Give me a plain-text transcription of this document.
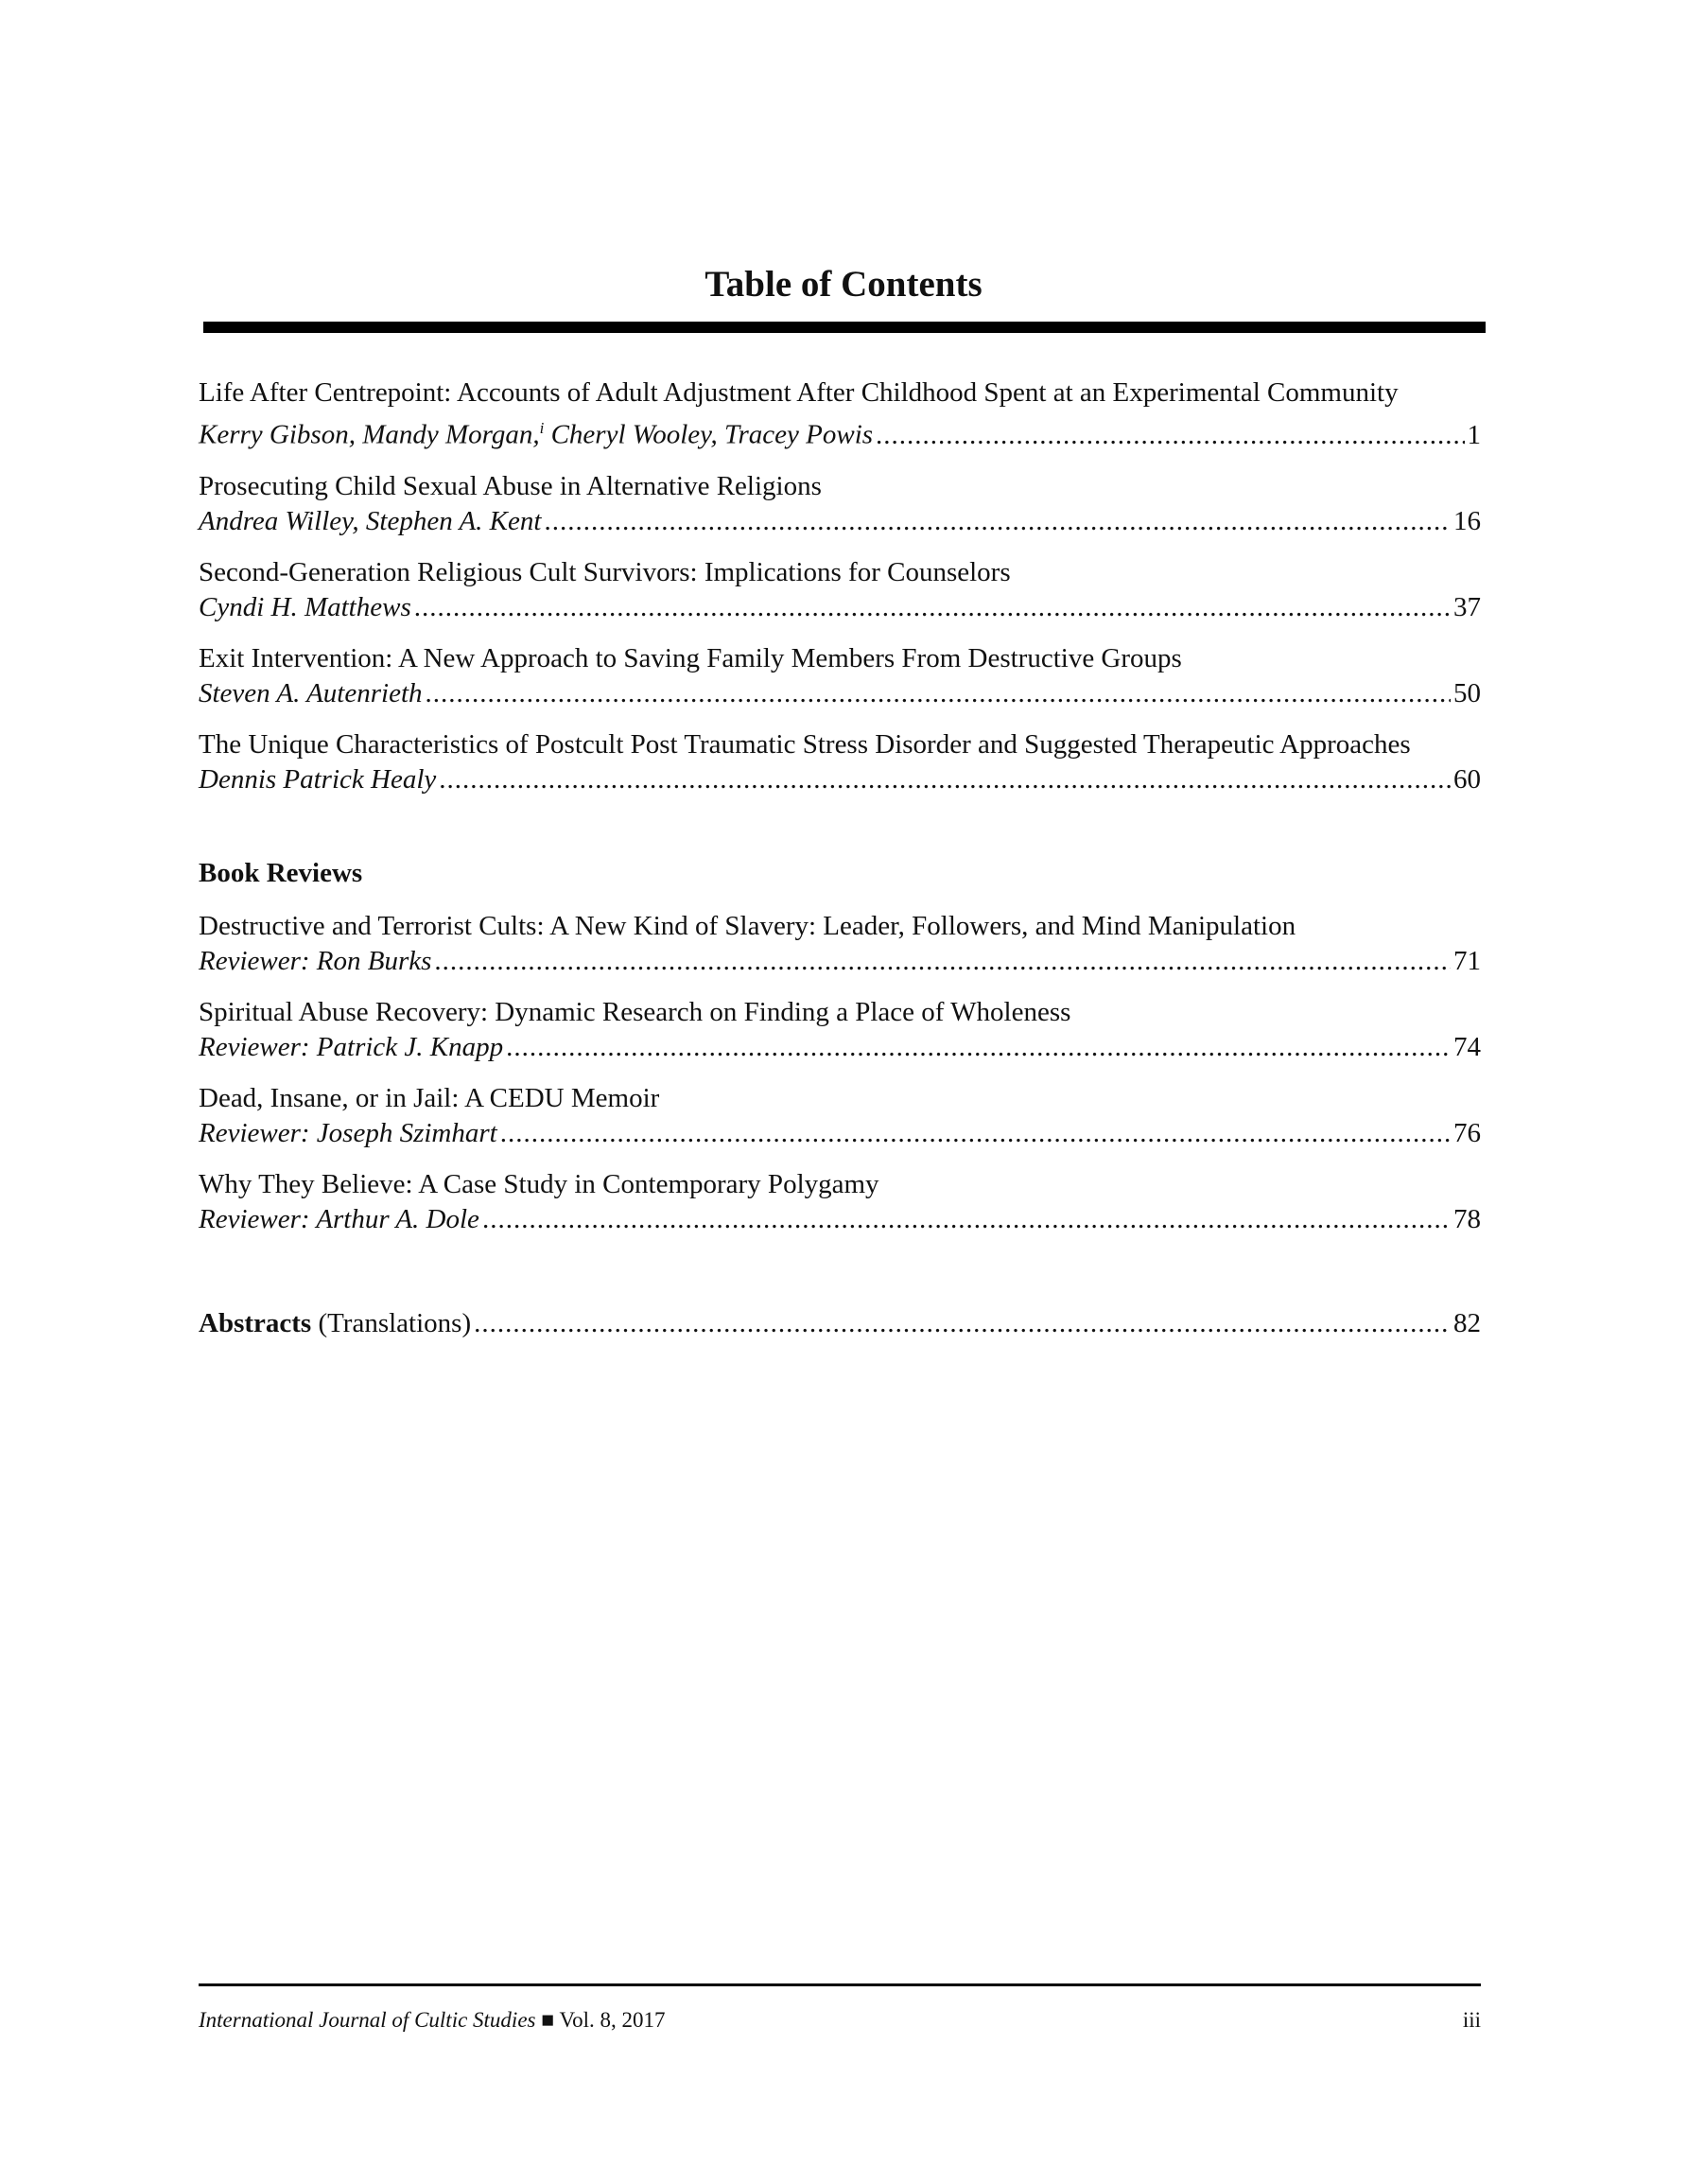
Table of Contents
Life After Centrepoint: Accounts of Adult Adjustment After Childhood Spent at an Experimental Community
Kerry Gibson, Mandy Morgan,$^i$ Cheryl Wooley, Tracey Powis .....	1
Prosecuting Child Sexual Abuse in Alternative Religions
Andrea Willey, Stephen A. Kent .....	16
Second-Generation Religious Cult Survivors: Implications for Counselors
Cyndi H. Matthews .....	37
Exit Intervention: A New Approach to Saving Family Members From Destructive Groups
Steven A. Autenrieth .....	50
The Unique Characteristics of Postcult Post Traumatic Stress Disorder and Suggested Therapeutic Approaches
Dennis Patrick Healy .....	60
Book Reviews
Destructive and Terrorist Cults: A New Kind of Slavery: Leader, Followers, and Mind Manipulation
Reviewer: Ron Burks .....	71
Spiritual Abuse Recovery: Dynamic Research on Finding a Place of Wholeness
Reviewer: Patrick J. Knapp .....	74
Dead, Insane, or in Jail: A CEDU Memoir
Reviewer: Joseph Szimhart .....	76
Why They Believe: A Case Study in Contemporary Polygamy
Reviewer: Arthur A. Dole .....	78
Abstracts (Translations) .....	82
International Journal of Cultic Studies ■ Vol. 8, 2017	iii
